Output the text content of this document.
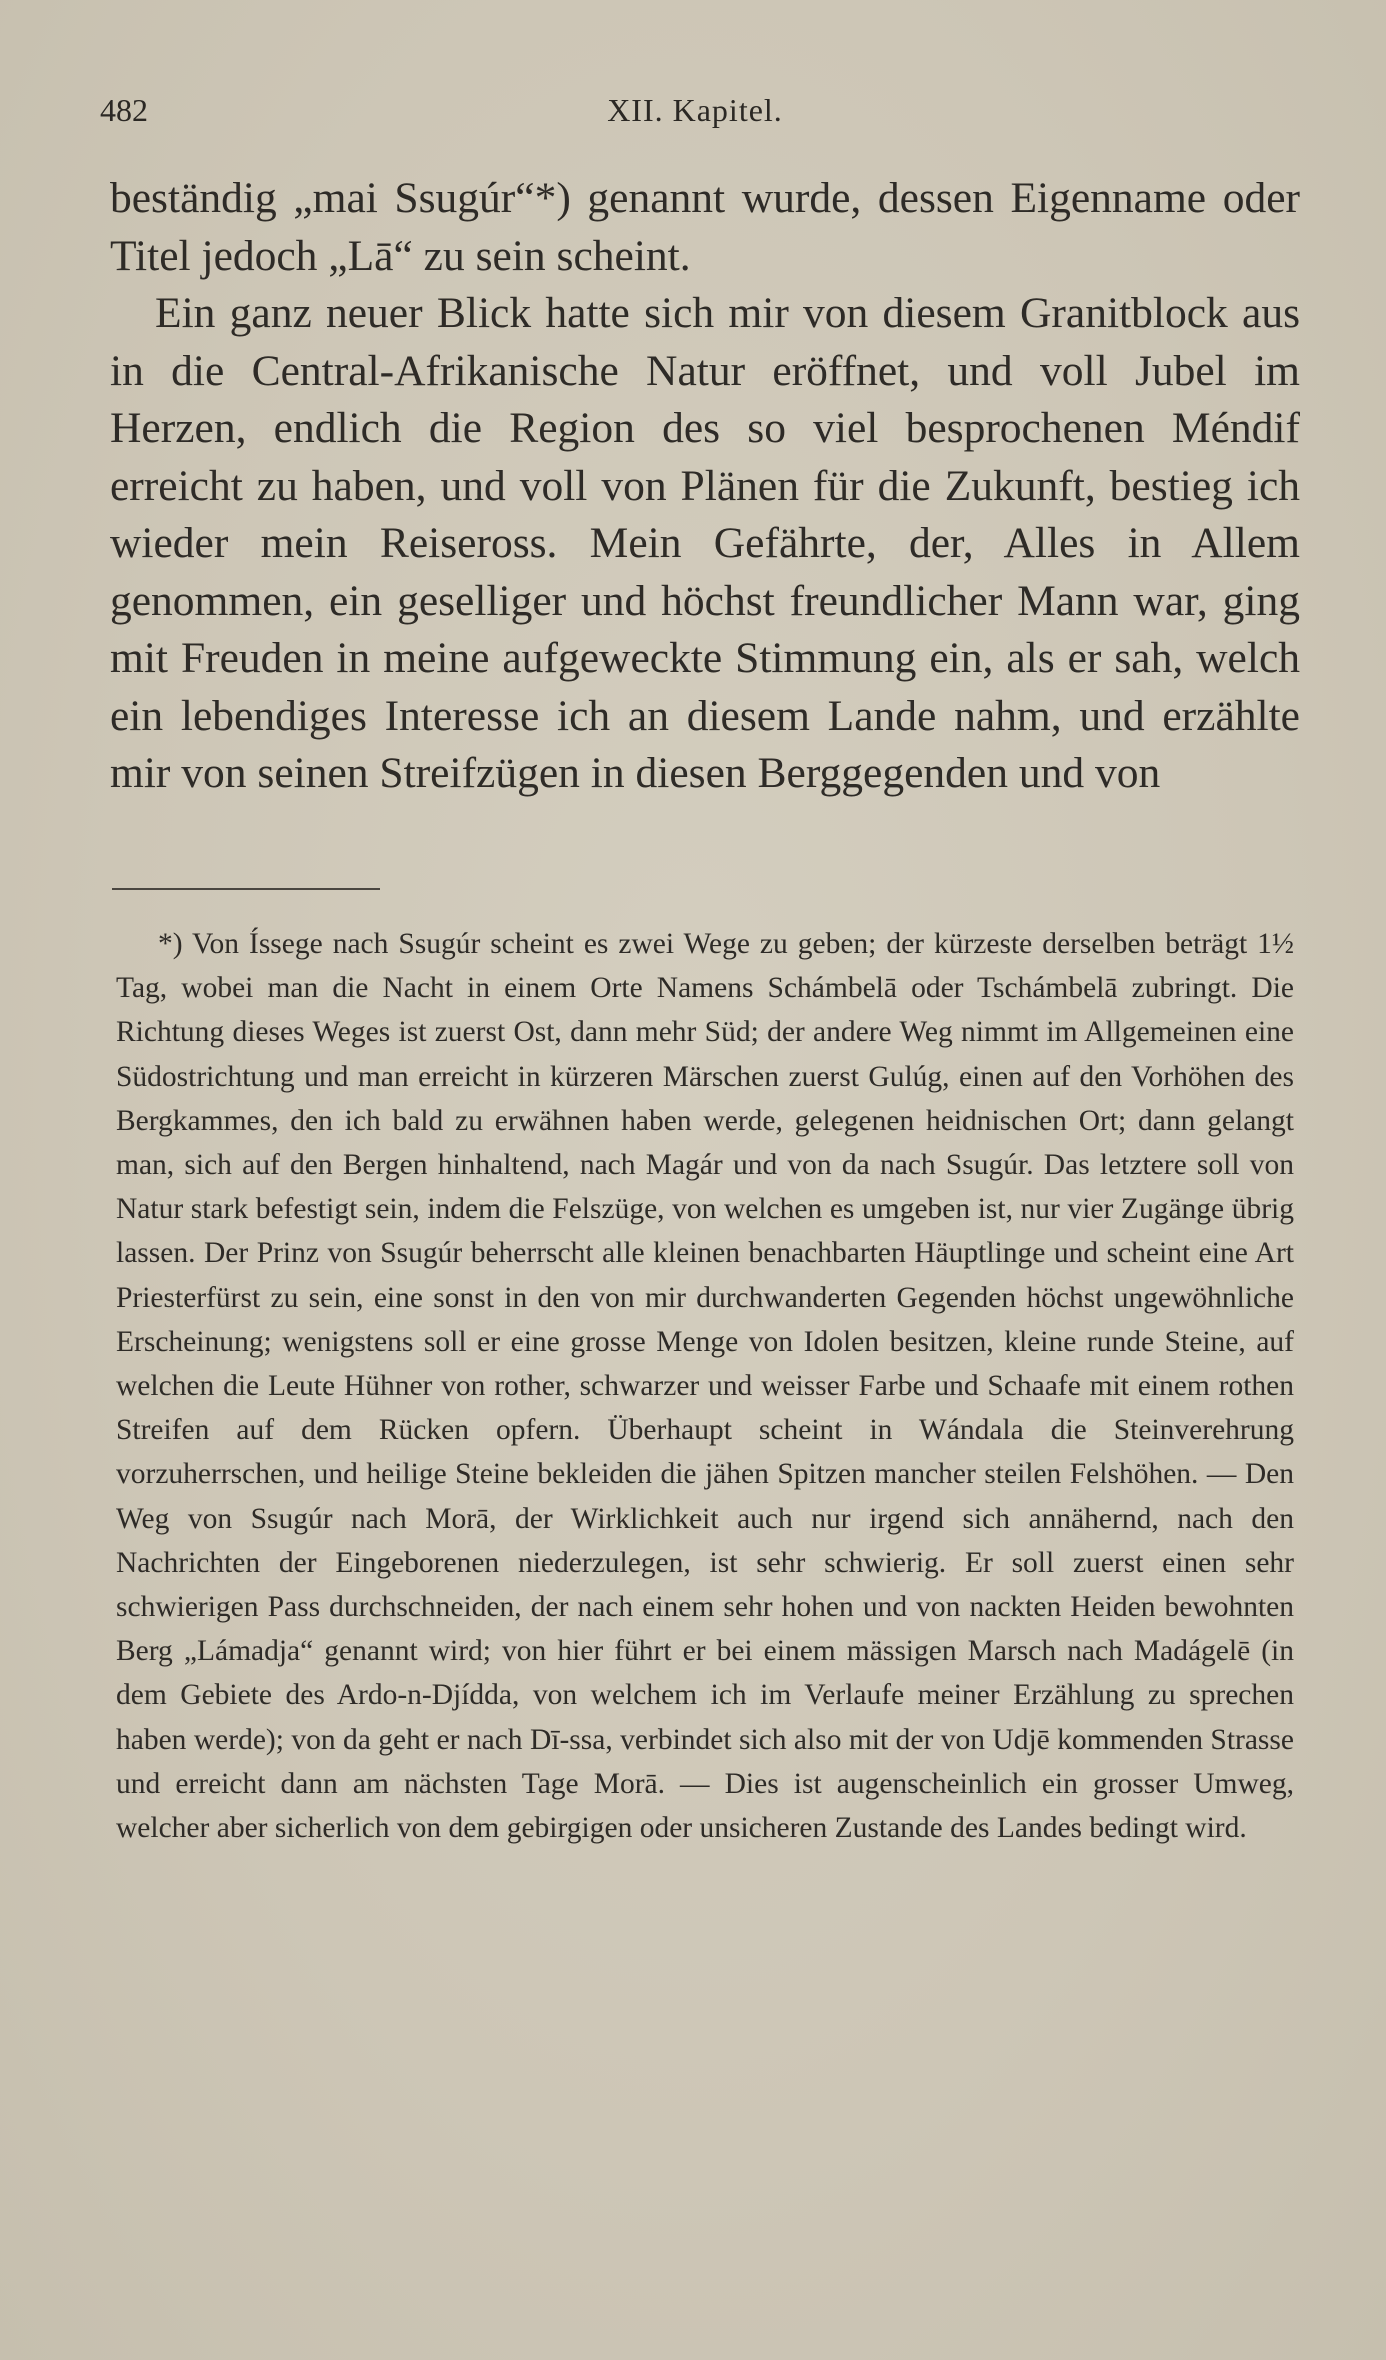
482	XII. Kapitel.

beständig „mai Ssugúr“*) genannt wurde, dessen Eigenname oder Titel jedoch „Lā“ zu sein scheint.

Ein ganz neuer Blick hatte sich mir von diesem Granitblock aus in die Central-Afrikanische Natur eröffnet, und voll Jubel im Herzen, endlich die Region des so viel besprochenen Méndif erreicht zu haben, und voll von Plänen für die Zukunft, bestieg ich wieder mein Reiseross. Mein Gefährte, der, Alles in Allem genommen, ein geselliger und höchst freundlicher Mann war, ging mit Freuden in meine aufgeweckte Stimmung ein, als er sah, welch ein lebendiges Interesse ich an diesem Lande nahm, und erzählte mir von seinen Streifzügen in diesen Berggegenden und von

*) Von Íssege nach Ssugúr scheint es zwei Wege zu geben; der kürzeste derselben beträgt 1½ Tag, wobei man die Nacht in einem Orte Namens Schámbelā oder Tschámbelā zubringt. Die Richtung dieses Weges ist zuerst Ost, dann mehr Süd; der andere Weg nimmt im Allgemeinen eine Südostrichtung und man erreicht in kürzeren Märschen zuerst Gulúg, einen auf den Vorhöhen des Bergkammes, den ich bald zu erwähnen haben werde, gelegenen heidnischen Ort; dann gelangt man, sich auf den Bergen hinhaltend, nach Magár und von da nach Ssugúr. Das letztere soll von Natur stark befestigt sein, indem die Felszüge, von welchen es umgeben ist, nur vier Zugänge übrig lassen. Der Prinz von Ssugúr beherrscht alle kleinen benachbarten Häuptlinge und scheint eine Art Priesterfürst zu sein, eine sonst in den von mir durchwanderten Gegenden höchst ungewöhnliche Erscheinung; wenigstens soll er eine grosse Menge von Idolen besitzen, kleine runde Steine, auf welchen die Leute Hühner von rother, schwarzer und weisser Farbe und Schaafe mit einem rothen Streifen auf dem Rücken opfern. Überhaupt scheint in Wándala die Steinverehrung vorzuherrschen, und heilige Steine bekleiden die jähen Spitzen mancher steilen Felshöhen. — Den Weg von Ssugúr nach Morā, der Wirklichkeit auch nur irgend sich annähernd, nach den Nachrichten der Eingeborenen niederzulegen, ist sehr schwierig. Er soll zuerst einen sehr schwierigen Pass durchschneiden, der nach einem sehr hohen und von nackten Heiden bewohnten Berg „Lámadja“ genannt wird; von hier führt er bei einem mässigen Marsch nach Madágelē (in dem Gebiete des Ardo-n-Djídda, von welchem ich im Verlaufe meiner Erzählung zu sprechen haben werde); von da geht er nach Dī-ssa, verbindet sich also mit der von Udjē kommenden Strasse und erreicht dann am nächsten Tage Morā. — Dies ist augenscheinlich ein grosser Umweg, welcher aber sicherlich von dem gebirgigen oder unsicheren Zustande des Landes bedingt wird.
